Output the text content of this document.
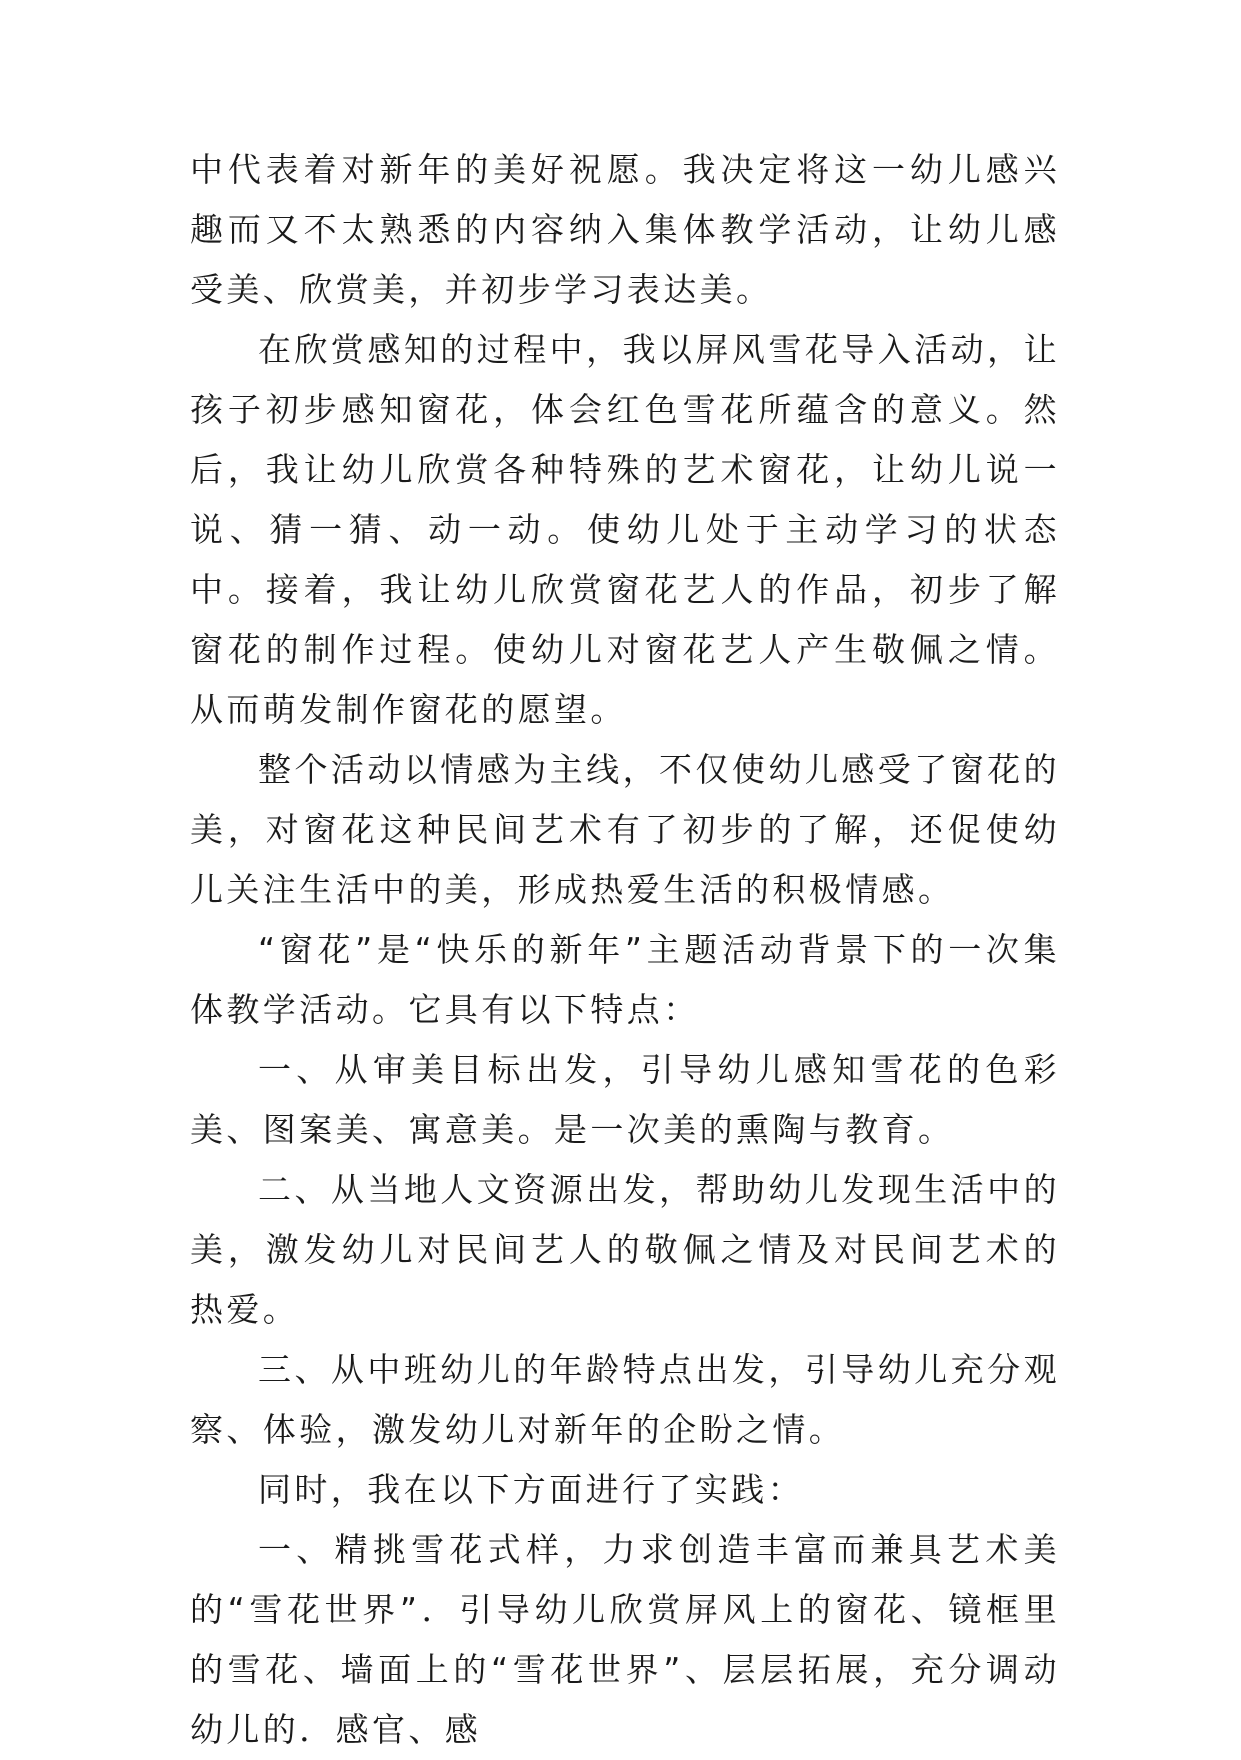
中代表着对新年的美好祝愿。我决定将这一幼儿感兴趣而又不太熟悉的内容纳入集体教学活动，让幼儿感受美、欣赏美，并初步学习表达美。

在欣赏感知的过程中，我以屏风雪花导入活动，让孩子初步感知窗花，体会红色雪花所蕴含的意义。然后，我让幼儿欣赏各种特殊的艺术窗花，让幼儿说一说、猜一猜、动一动。使幼儿处于主动学习的状态中。接着，我让幼儿欣赏窗花艺人的作品，初步了解窗花的制作过程。使幼儿对窗花艺人产生敬佩之情。从而萌发制作窗花的愿望。

整个活动以情感为主线，不仅使幼儿感受了窗花的美，对窗花这种民间艺术有了初步的了解，还促使幼儿关注生活中的美，形成热爱生活的积极情感。

“窗花”是“快乐的新年”主题活动背景下的一次集体教学活动。它具有以下特点：

一、从审美目标出发，引导幼儿感知雪花的色彩美、图案美、寓意美。是一次美的熏陶与教育。

二、从当地人文资源出发，帮助幼儿发现生活中的美，激发幼儿对民间艺人的敬佩之情及对民间艺术的热爱。

三、从中班幼儿的年龄特点出发，引导幼儿充分观察、体验，激发幼儿对新年的企盼之情。

同时，我在以下方面进行了实践：

一、精挑雪花式样，力求创造丰富而兼具艺术美的“雪花世界”．引导幼儿欣赏屏风上的窗花、镜框里的雪花、墙面上的“雪花世界”、层层拓展，充分调动幼儿的．感官、感
